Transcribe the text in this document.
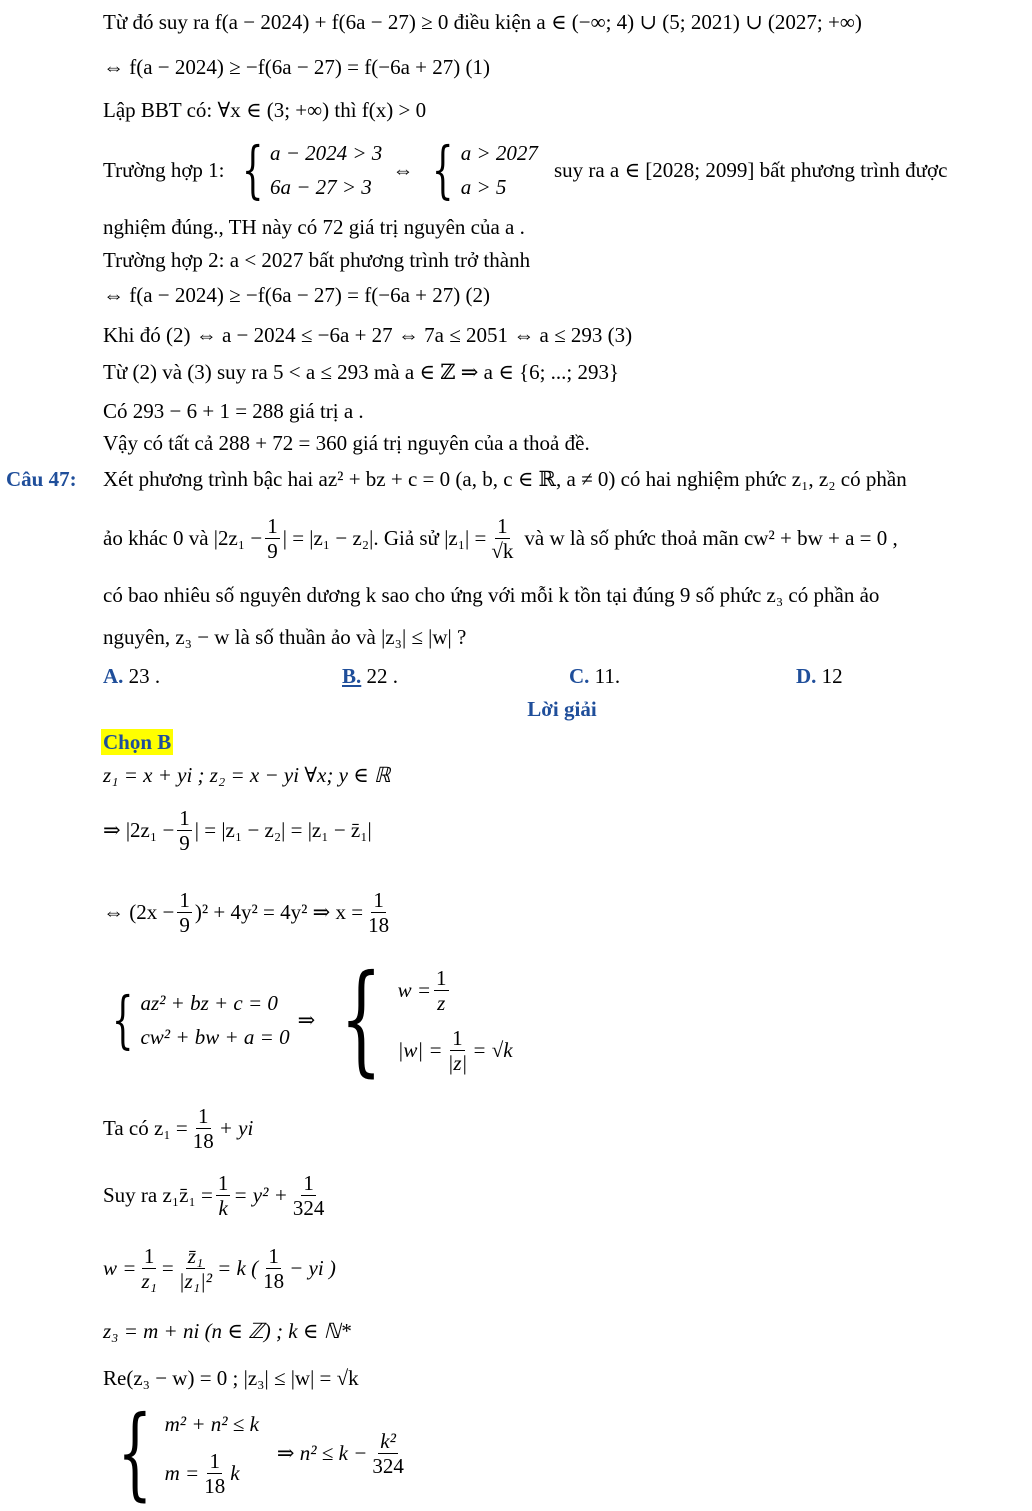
Từ đó suy ra f(a − 2024) + f(6a − 27) ≥ 0 điều kiện a ∈ (−∞; 4) ∪ (5; 2021) ∪ (2027; +∞)
⇔ f(a − 2024) ≥ −f(6a − 27) = f(−6a + 27) (1)
Lập BBT có: ∀x ∈ (3; +∞) thì f(x) > 0
Trường hợp 1: { a − 2024 > 3
6a − 27 > 3
⇔ { a > 2027
a > 5
suy ra a ∈ [2028; 2099] bất phương trình được
nghiệm đúng., TH này có 72 giá trị nguyên của a .
Trường hợp 2: a < 2027 bất phương trình trở thành
⇔ f(a − 2024) ≥ −f(6a − 27) = f(−6a + 27) (2)
Khi đó (2) ⇔ a − 2024 ≤ −6a + 27 ⇔ 7a ≤ 2051 ⇔ a ≤ 293 (3)
Từ (2) và (3) suy ra 5 < a ≤ 293 mà a ∈ ℤ ⇒ a ∈ {6; ...; 293}
Có 293 − 6 + 1 = 288 giá trị a .
Vậy có tất cả 288 + 72 = 360 giá trị nguyên của a thoả đề.
Câu 47: Xét phương trình bậc hai az² + bz + c = 0 (a, b, c ∈ ℝ, a ≠ 0) có hai nghiệm phức z₁, z₂ có phần
ảo khác 0 và $|2z_1 - \frac{1}{9}$ | = |z₁ − z₂|. Giả sử $|z_1| = \frac{1}{√k}$ và w là số phức thoả mãn cw² + bw + a = 0 ,
có bao nhiêu số nguyên dương k sao cho ứng với mỗi k tồn tại đúng 9 số phức z₃ có phần ảo
nguyên, z₃ − w là số thuần ảo và |z₃| ≤ |w| ?
A. 23 .	B. 22 .	C. 11.	D. 12
Lời giải
Chọn B
z₁ = x + yi ; z₂ = x − yi ∀x; y ∈ ℝ
⇒ $|2z_1 - \frac{1}{9}$ | = |z₁ − z₂| = |z₁ − z̄₁|
⇔ $(2x - \frac{1}{9} )^2 + 4y^2 = 4y^2$ ⇒ $x = \frac{1}{18}$
{ az² + bz + c = 0
cw² + bw + a = 0
⇒ { $w = \frac{1}{z}$
$|w| = \frac{1}{|z|} = √k$
Ta có $z_1 = \frac{1}{18}$ + yi
Suy ra z₁z̄₁ = $\frac{1}{k} = y^2 + \frac{1}{324}$
$w = \frac{1}{\text{z₁}} = \frac{\text{z̄₁}}{\text{|z₁|²}} = k$ ( $\frac{1}{18}$ − yi )
z₃ = m + ni (n ∈ ℤ) ; k ∈ ℕ*
Re(z₃ − w) = 0 ; |z₃| ≤ |w| = √k
{ m² + n² ≤ k
$m = \frac{1}{18}$ k
⇒ $n^2 \le k - \frac{\text{k²}}{324}$
